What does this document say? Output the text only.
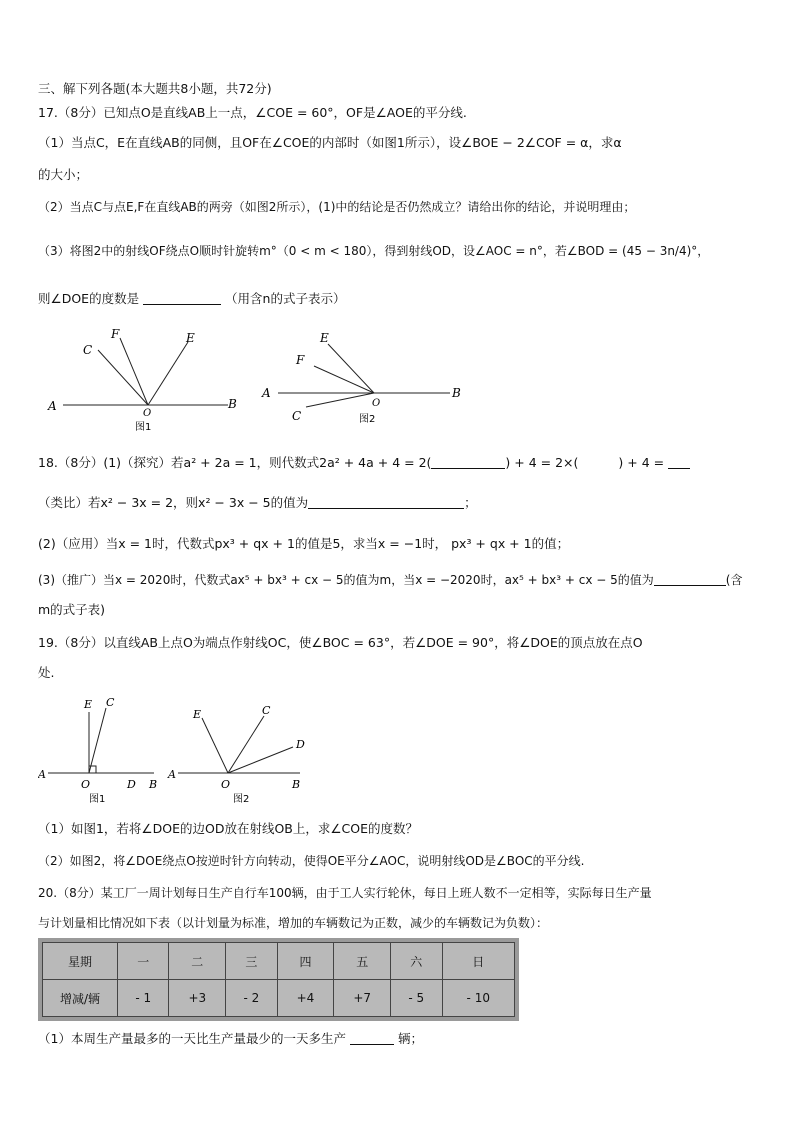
三、解下列各题(本大题共8小题，共72分)
17.（8分）已知点O是直线AB上一点，∠COE = 60°，OF是∠AOE的平分线.
（1）当点C，E在直线AB的同侧，且OF在∠COE的内部时（如图1所示），设∠BOE − 2∠COF = α，求α
的大小；
（2）当点C与点E,F在直线AB的两旁（如图2所示），(1)中的结论是否仍然成立？请给出你的结论，并说明理由；
（3）将图2中的射线OF绕点O顺时针旋转m°（0 < m < 180），得到射线OD，设∠AOC = n°，若∠BOD = (45 − 3n/4)°，
则∠DOE的度数是	（用含n的式子表示）
A	B
C
F	E
O
图1
A	B
E
F
C
O
图2
18.（8分）(1)（探究）若a² + 2a = 1，则代数式2a² + 4a + 4 = 2(	) + 4 = 2×(	) + 4 =
（类比）若x² − 3x = 2，则x² − 3x − 5的值为	；
(2)（应用）当x = 1时，代数式px³ + qx + 1的值是5，求当x = −1时， px³ + qx + 1的值；
(3)（推广）当x = 2020时，代数式ax⁵ + bx³ + cx − 5的值为m，当x = −2020时，ax⁵ + bx³ + cx − 5的值为	(含
m的式子表)
19.（8分）以直线AB上点O为端点作射线OC，使∠BOC = 63°，若∠DOE = 90°，将∠DOE的顶点放在点O
处.
A
E C
O	D B
图1
A
E	C
D
O	B
图2
（1）如图1，若将∠DOE的边OD放在射线OB上，求∠COE的度数？
（2）如图2，将∠DOE绕点O按逆时针方向转动，使得OE平分∠AOC，说明射线OD是∠BOC的平分线.
20.（8分）某工厂一周计划每日生产自行车100辆，由于工人实行轮休，每日上班人数不一定相等，实际每日生产量
与计划量相比情况如下表（以计划量为标准，增加的车辆数记为正数，减少的车辆数记为负数）：
星期	一	二	三	四	五	六	日
增减/辆	- 1	+3	- 2	+4	+7	- 5	- 10
（1）本周生产量最多的一天比生产量最少的一天多生产	辆；
